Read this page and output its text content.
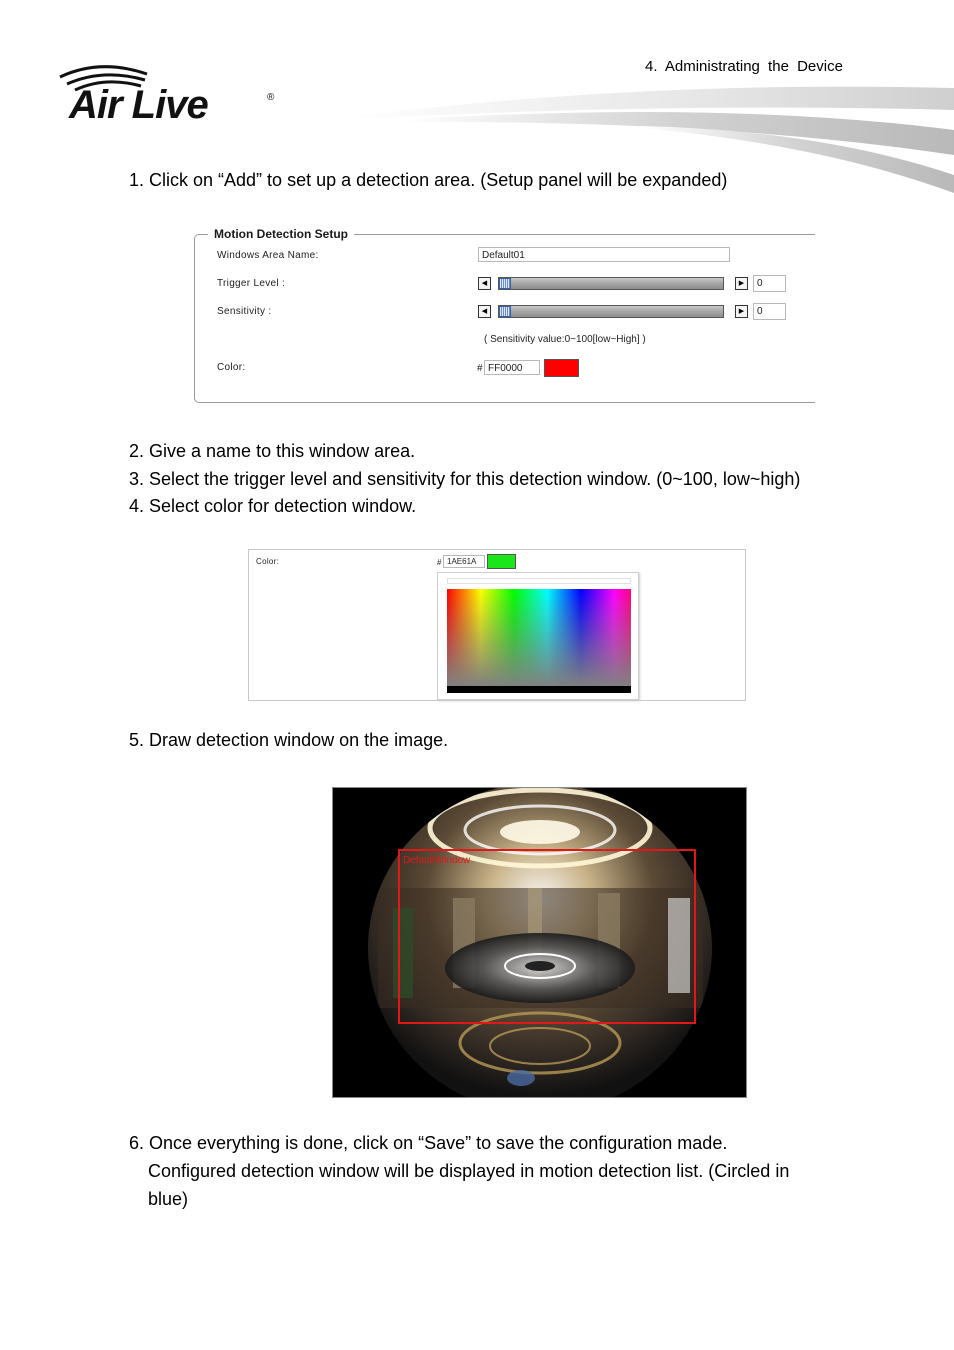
4. Administrating the Device
Air Live	®
1. Click on “Add” to set up a detection area. (Setup panel will be expanded)
Motion Detection Setup
Windows Area Name:	Default01
Trigger Level :	◀	▶	0
Sensitivity :	◀	▶	0
( Sensitivity value:0~100[low~High] )
Color:	# FF0000
2. Give a name to this window area.
3. Select the trigger level and sensitivity for this detection window. (0~100, low~high)
4. Select color for detection window.
Color:	# 1AE61A
5. Draw detection window on the image.
DefaultWindow
6. Once everything is done, click on “Save” to save the configuration made.
Configured detection window will be displayed in motion detection list. (Circled in
blue)
